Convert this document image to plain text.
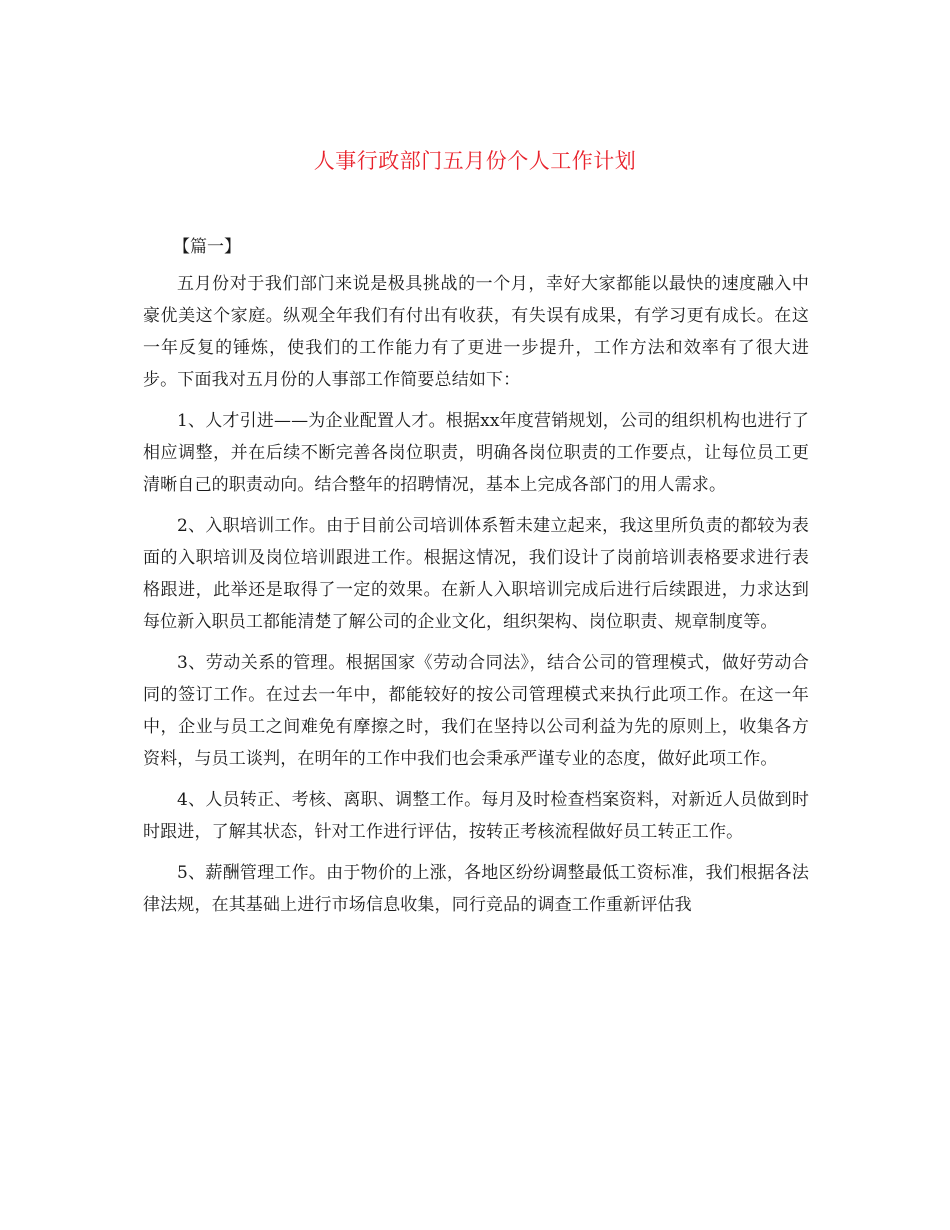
人事行政部门五月份个人工作计划
【篇一】

五月份对于我们部门来说是极具挑战的一个月，幸好大家都能以最快的速度融入中豪优美这个家庭。纵观全年我们有付出有收获，有失误有成果，有学习更有成长。在这一年反复的锤炼，使我们的工作能力有了更进一步提升，工作方法和效率有了很大进步。下面我对五月份的人事部工作简要总结如下：

1、人才引进——为企业配置人才。根据xx年度营销规划，公司的组织机构也进行了相应调整，并在后续不断完善各岗位职责，明确各岗位职责的工作要点，让每位员工更清晰自己的职责动向。结合整年的招聘情况，基本上完成各部门的用人需求。

2、入职培训工作。由于目前公司培训体系暂未建立起来，我这里所负责的都较为表面的入职培训及岗位培训跟进工作。根据这情况，我们设计了岗前培训表格要求进行表格跟进，此举还是取得了一定的效果。在新人入职培训完成后进行后续跟进，力求达到每位新入职员工都能清楚了解公司的企业文化，组织架构、岗位职责、规章制度等。

3、劳动关系的管理。根据国家《劳动合同法》，结合公司的管理模式，做好劳动合同的签订工作。在过去一年中，都能较好的按公司管理模式来执行此项工作。在这一年中，企业与员工之间难免有摩擦之时，我们在坚持以公司利益为先的原则上，收集各方资料，与员工谈判，在明年的工作中我们也会秉承严谨专业的态度，做好此项工作。

4、人员转正、考核、离职、调整工作。每月及时检查档案资料，对新近人员做到时时跟进，了解其状态，针对工作进行评估，按转正考核流程做好员工转正工作。

5、薪酬管理工作。由于物价的上涨，各地区纷纷调整最低工资标准，我们根据各法律法规，在其基础上进行市场信息收集，同行竞品的调查工作重新评估我
